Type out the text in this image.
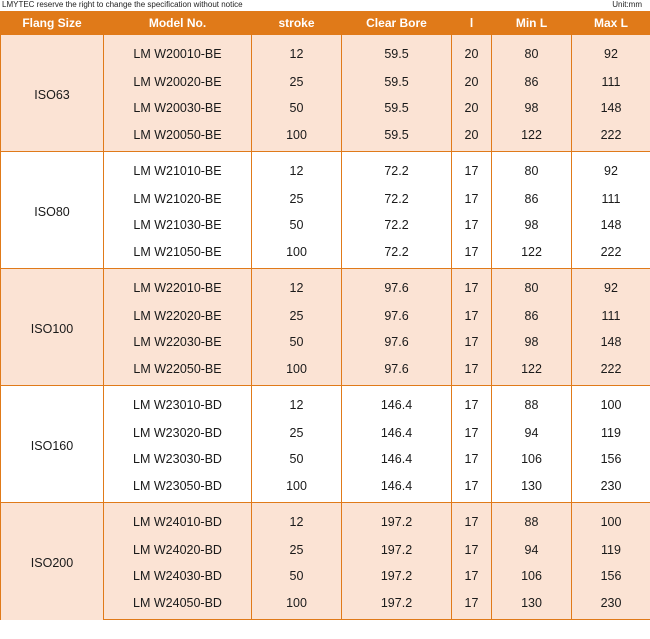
LMYTEC reserve the right to change the specification without notice	Unit:mm
Flang Size	Model No.	stroke	Clear Bore	l	Min L	Max L
ISO63	LM W20010-BE	12	59.5	20	80	92
	LM W20020-BE	25	59.5	20	86	111
	LM W20030-BE	50	59.5	20	98	148
	LM W20050-BE	100	59.5	20	122	222
ISO80	LM W21010-BE	12	72.2	17	80	92
	LM W21020-BE	25	72.2	17	86	111
	LM W21030-BE	50	72.2	17	98	148
	LM W21050-BE	100	72.2	17	122	222
ISO100	LM W22010-BE	12	97.6	17	80	92
	LM W22020-BE	25	97.6	17	86	111
	LM W22030-BE	50	97.6	17	98	148
	LM W22050-BE	100	97.6	17	122	222
ISO160	LM W23010-BD	12	146.4	17	88	100
	LM W23020-BD	25	146.4	17	94	119
	LM W23030-BD	50	146.4	17	106	156
	LM W23050-BD	100	146.4	17	130	230
ISO200	LM W24010-BD	12	197.2	17	88	100
	LM W24020-BD	25	197.2	17	94	119
	LM W24030-BD	50	197.2	17	106	156
	LM W24050-BD	100	197.2	17	130	230
